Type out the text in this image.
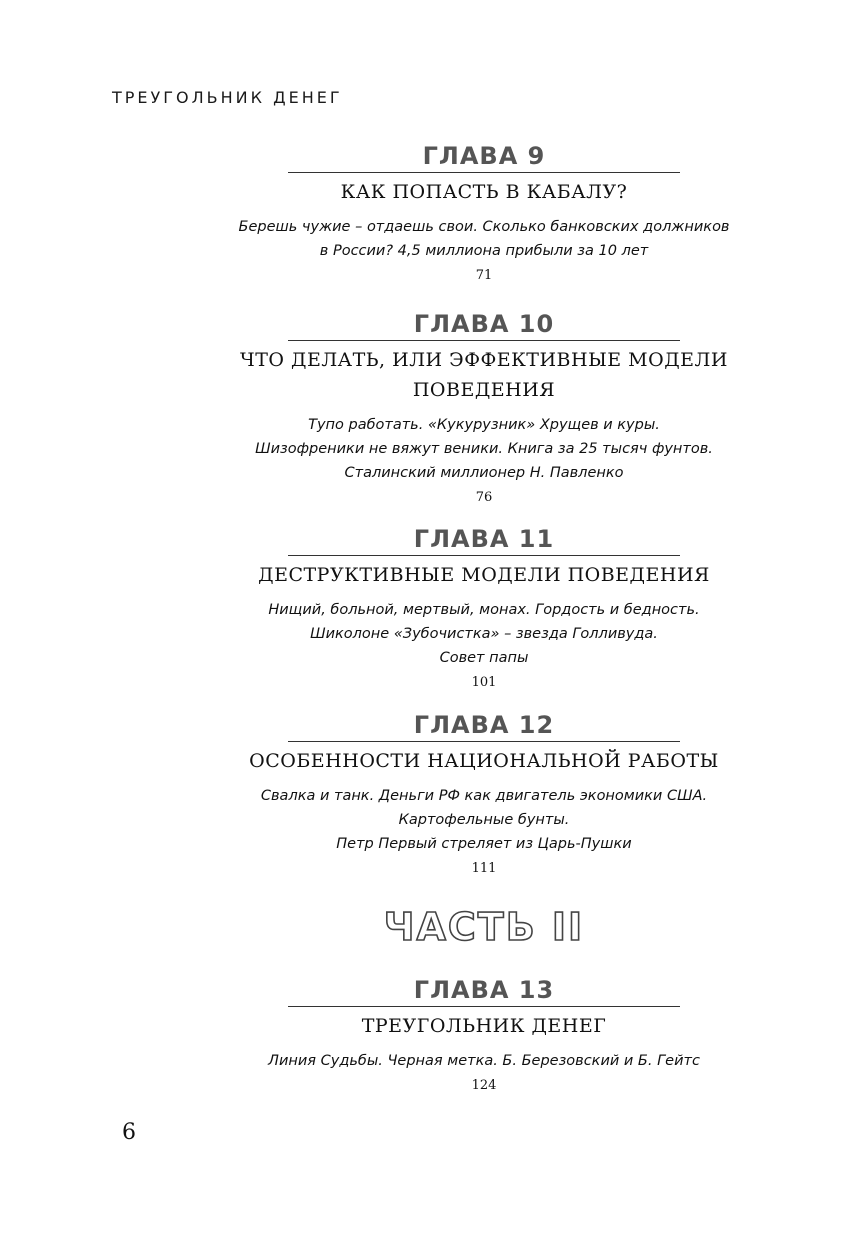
ТРЕУГОЛЬНИК ДЕНЕГ
ГЛАВА 9
КАК ПОПАСТЬ В КАБАЛУ?
Берешь чужие – отдаешь свои. Сколько банковских должников
в России? 4,5 миллиона прибыли за 10 лет
71
ГЛАВА 10
ЧТО ДЕЛАТЬ, ИЛИ ЭФФЕКТИВНЫЕ МОДЕЛИ
ПОВЕДЕНИЯ
Тупо работать. «Кукурузник» Хрущев и куры.
Шизофреники не вяжут веники. Книга за 25 тысяч фунтов.
Сталинский миллионер Н. Павленко
76
ГЛАВА 11
ДЕСТРУКТИВНЫЕ МОДЕЛИ ПОВЕДЕНИЯ
Нищий, больной, мертвый, монах. Гордость и бедность.
Шиколоне «Зубочистка» – звезда Голливуда.
Совет папы
101
ГЛАВА 12
ОСОБЕННОСТИ НАЦИОНАЛЬНОЙ РАБОТЫ
Свалка и танк. Деньги РФ как двигатель экономики США.
Картофельные бунты.
Петр Первый стреляет из Царь-Пушки
111
ЧАСТЬ II
ГЛАВА 13
ТРЕУГОЛЬНИК ДЕНЕГ
Линия Судьбы. Черная метка. Б. Березовский и Б. Гейтс
124
6
